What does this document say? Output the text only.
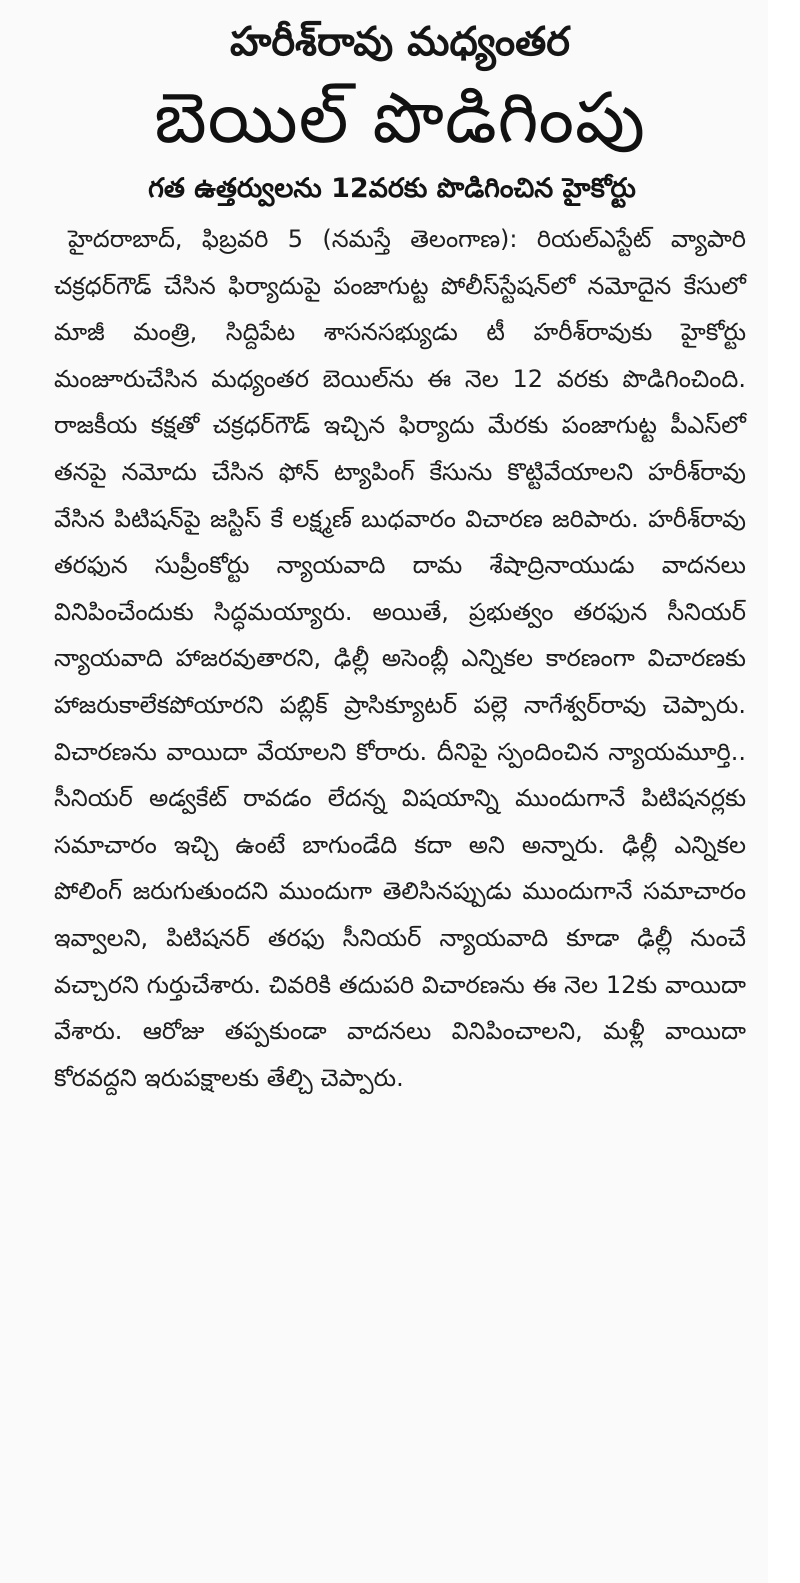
హరీశ్‌రావు మధ్యంతర
బెయిల్ పొడిగింపు
గత ఉత్తర్వులను 12వరకు పొడిగించిన హైకోర్టు

హైదరాబాద్, ఫిబ్రవరి 5 (నమస్తే తెలంగాణ): రియల్‌ఎస్టేట్ వ్యాపారి చక్రధర్‌గౌడ్ చేసిన ఫిర్యాదుపై పంజాగుట్ట పోలీస్‌స్టేషన్‌లో నమోదైన కేసులో మాజీ మంత్రి, సిద్దిపేట శాసనసభ్యుడు టీ హరీశ్‌రావుకు హైకోర్టు మంజూరుచేసిన మధ్యంతర బెయిల్‌ను ఈ నెల 12 వరకు పొడిగించింది. రాజకీయ కక్షతో చక్రధర్‌గౌడ్ ఇచ్చిన ఫిర్యాదు మేరకు పంజాగుట్ట పీఎస్‌లో తనపై నమోదు చేసిన ఫోన్ ట్యాపింగ్ కేసును కొట్టివేయాలని హరీశ్‌రావు వేసిన పిటిషన్‌పై జస్టిస్ కే లక్ష్మణ్ బుధవారం విచారణ జరిపారు. హరీశ్‌రావు తరఫున సుప్రీంకోర్టు న్యాయవాది దామ శేషాద్రినాయుడు వాదనలు వినిపించేందుకు సిద్ధమయ్యారు. అయితే, ప్రభుత్వం తరఫున సీనియర్ న్యాయవాది హాజరవుతారని, ఢిల్లీ అసెంబ్లీ ఎన్నికల కారణంగా విచారణకు హాజరుకాలేకపోయారని పబ్లిక్ ప్రాసిక్యూటర్ పల్లె నాగేశ్వర్‌రావు చెప్పారు. విచారణను వాయిదా వేయాలని కోరారు. దీనిపై స్పందించిన న్యాయమూర్తి.. సీనియర్ అడ్వకేట్ రావడం లేదన్న విషయాన్ని ముందుగానే పిటిషనర్లకు సమాచారం ఇచ్చి ఉంటే బాగుండేది కదా అని అన్నారు. ఢిల్లీ ఎన్నికల పోలింగ్ జరుగుతుందని ముందుగా తెలిసినప్పుడు ముందుగానే సమాచారం ఇవ్వాలని, పిటిషనర్ తరఫు సీనియర్ న్యాయవాది కూడా ఢిల్లీ నుంచే వచ్చారని గుర్తుచేశారు. చివరికి తదుపరి విచారణను ఈ నెల 12కు వాయిదా వేశారు. ఆరోజు తప్పకుండా వాదనలు వినిపించాలని, మళ్లీ వాయిదా కోరవద్దని ఇరుపక్షాలకు తేల్చి చెప్పారు.
